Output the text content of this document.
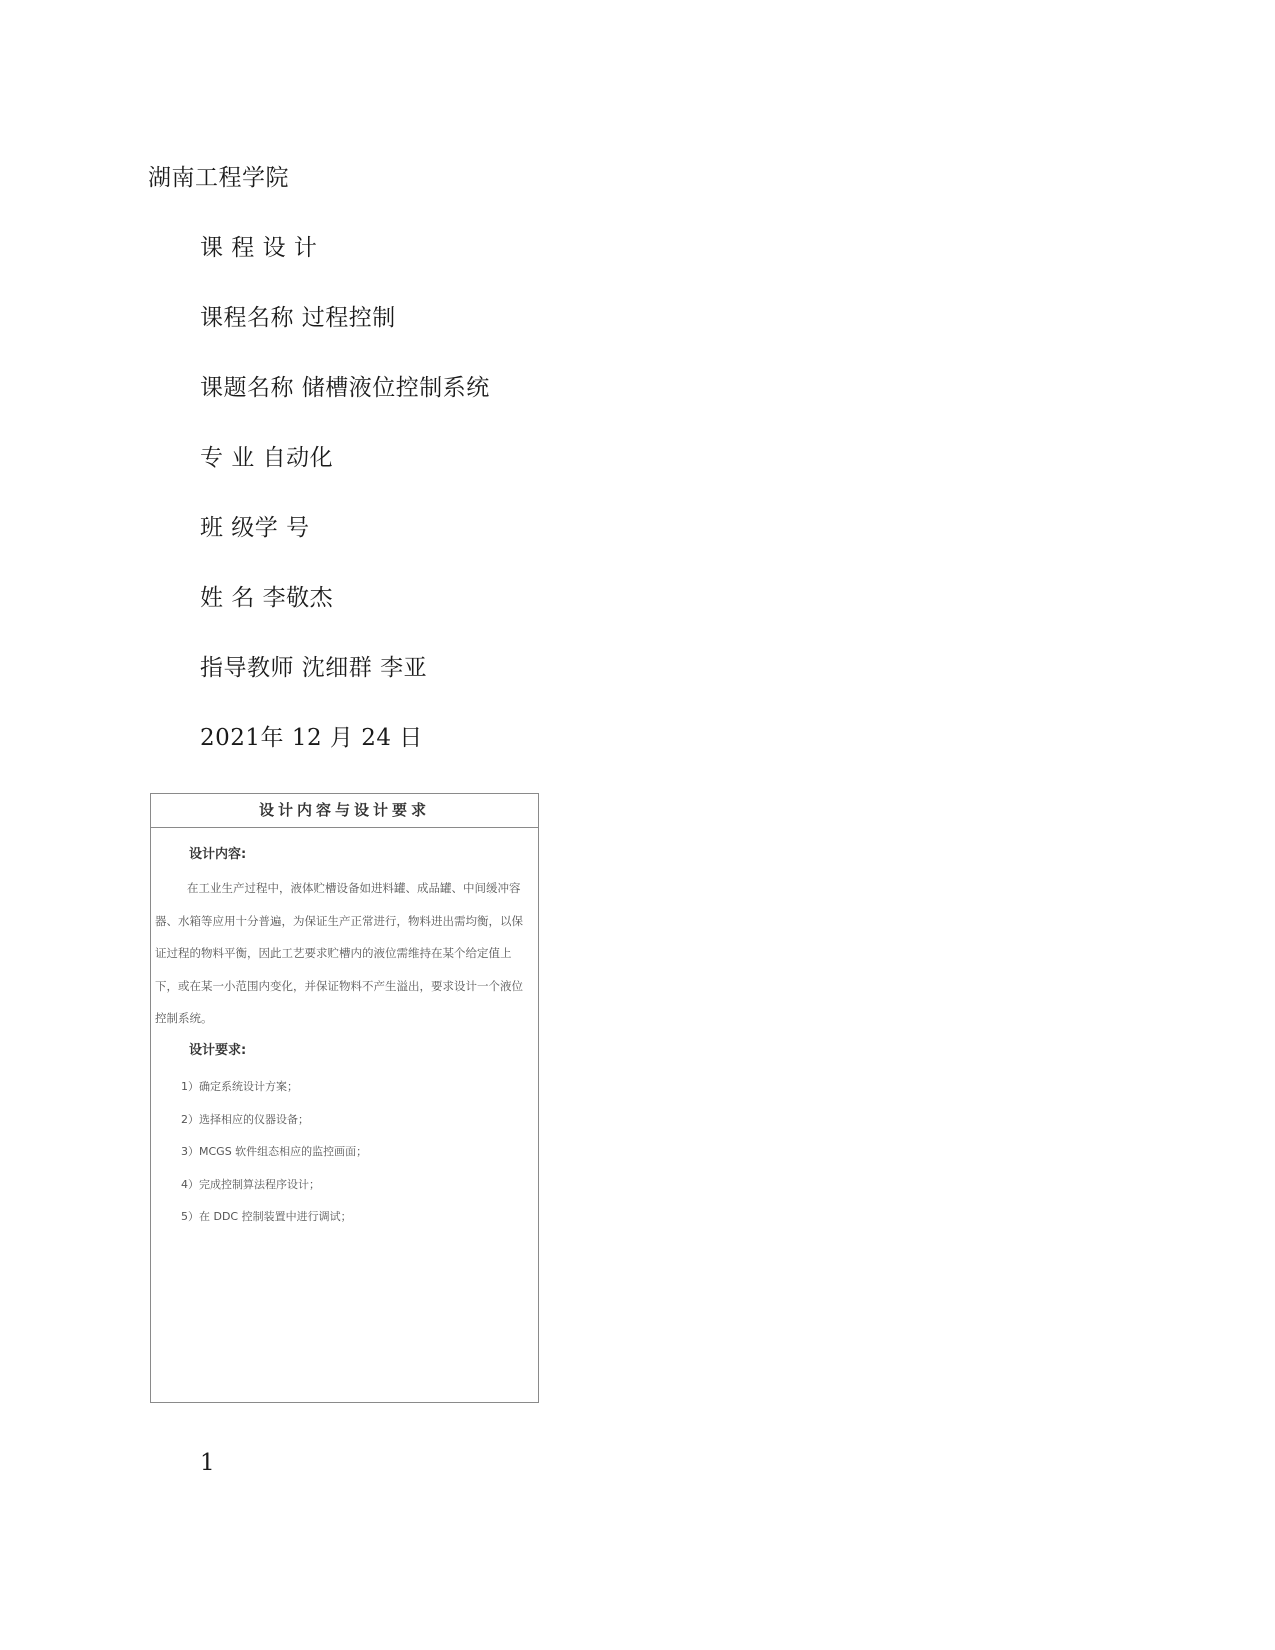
湖南工程学院
课 程 设 计
课程名称 过程控制
课题名称 储槽液位控制系统
专 业 自动化
班 级学 号
姓 名 李敬杰
指导教师 沈细群 李亚
2021年 12 月 24 日
设计内容与设计要求
设计内容:
在工业生产过程中，液体贮槽设备如进料罐、成品罐、中间缓冲容器、水箱等应用十分普遍，为保证生产正常进行，物料进出需均衡，以保证过程的物料平衡，因此工艺要求贮槽内的液位需维持在某个给定值上下，或在某一小范围内变化，并保证物料不产生溢出，要求设计一个液位控制系统。
设计要求:
1）确定系统设计方案；
2）选择相应的仪器设备；
3）MCGS 软件组态相应的监控画面；
4）完成控制算法程序设计；
5）在 DDC 控制装置中进行调试；
1
